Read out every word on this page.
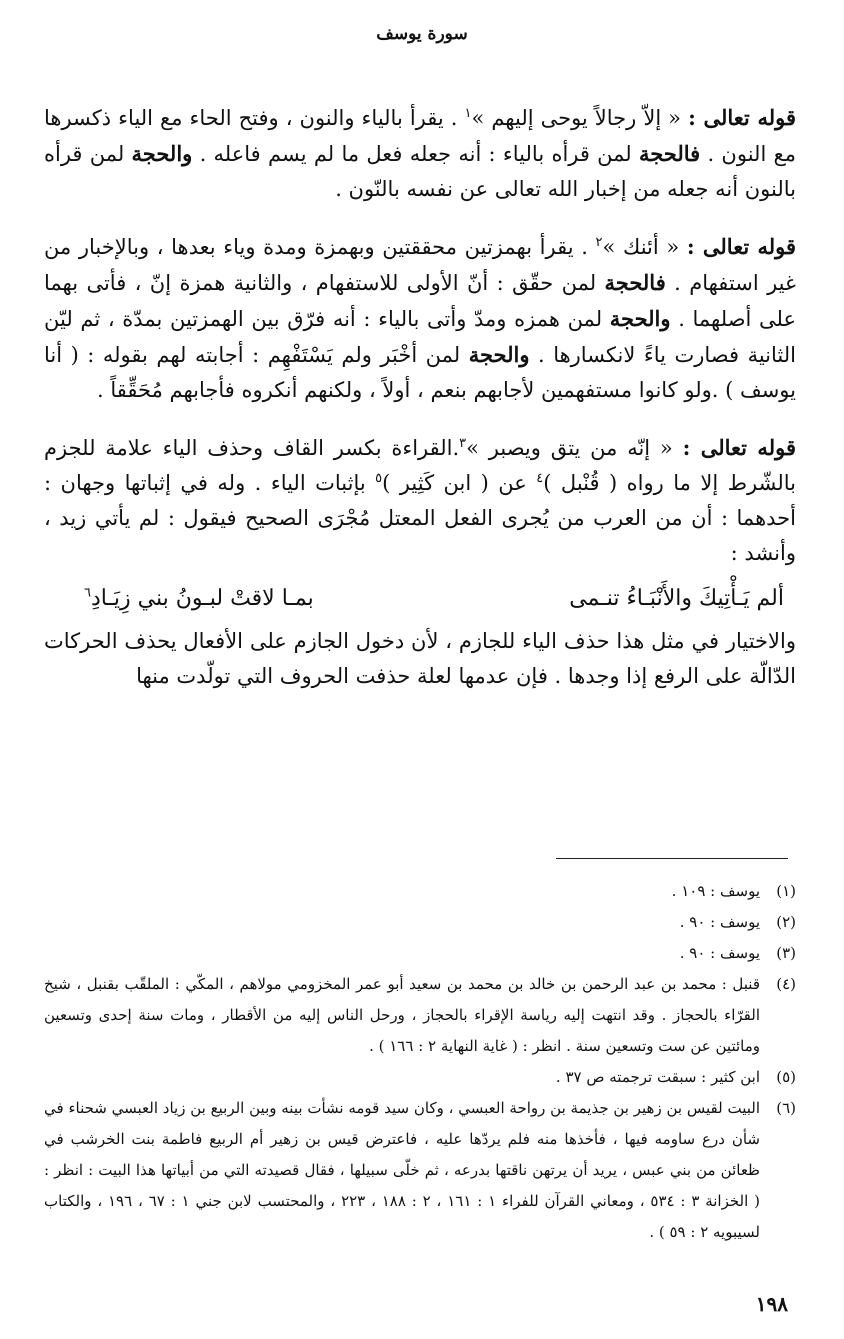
سورة يوسف

قوله تعالى : « إلاّ رجالاً يوحى إليهم »$^١$ . يقرأ بالياء والنون ، وفتح الحاء مع الياء ذكسرها مع النون . فالحجة لمن قرأه بالياء : أنه جعله فعل ما لم يسم فاعله . والحجة لمن قرأه بالنون أنه جعله من إخبار الله تعالى عن نفسه بالنّون .

قوله تعالى : « أئنك »$^٢$ . يقرأ بهمزتين محققتين وبهمزة ومدة وياء بعدها ، وبالإخبار من غير استفهام . فالحجة لمن حقّق : أنّ الأولى للاستفهام ، والثانية همزة إنّ ، فأتى بهما على أصلهما . والحجة لمن همزه ومدّ وأتى بالياء : أنه فرّق بين الهمزتين بمدّة ، ثم ليّن الثانية فصارت ياءً لانكسارها . والحجة لمن أخْبَر ولم يَسْتَفْهِم : أجابته لهم بقوله : ( أنا يوسف ) .ولو كانوا مستفهمين لأجابهم بنعم ، أولاً ، ولكنهم أنكروه فأجابهم مُحَقِّقاً .

قوله تعالى : « إنّه من يتق ويصبر »$^٣$.القراءة بكسر القاف وحذف الياء علامة للجزم بالشّرط إلا ما رواه ( قُنْبل )$^٤$ عن ( ابن كَثِير )$^٥$ بإثبات الياء . وله في إثباتها وجهان : أحدهما : أن من العرب من يُجرى الفعل المعتل مُجْرَى الصحيح فيقول : لم يأتي زيد ، وأنشد :

ألم يَـأْتِيكَ والأَنْبَـاءُ تنـمى
بمـا لاقتْ لبـونُ بني زِيَـادِ$^٦$

والاختيار في مثل هذا حذف الياء للجازم ، لأن دخول الجازم على الأفعال يحذف الحركات الدّالّة على الرفع إذا وجدها . فإن عدمها لعلة حذفت الحروف التي تولّدت منها

(١)
يوسف : ١٠٩ .
(٢)
يوسف : ٩٠ .
(٣)
يوسف : ٩٠ .
(٤)
قنبل : محمد بن عبد الرحمن بن خالد بن محمد بن سعيد أبو عمر المخزومي مولاهم ، المكّي : الملقّب بقنبل ، شيخ القرّاء بالحجاز . وقد انتهت إليه رياسة الإقراء بالحجاز ، ورحل الناس إليه من الأقطار ، ومات سنة إحدى وتسعين ومائتين عن ست وتسعين سنة . انظر : ( غاية النهاية ٢ : ١٦٦ ) .
(٥)
ابن كثير : سبقت ترجمته ص ٣٧ .
(٦)
البيت لقيس بن زهير بن جذيمة بن رواحة العبسي ، وكان سيد قومه نشأت بينه وبين الربيع بن زياد العبسي شحناء في شأن درع ساومه فيها ، فأخذها منه فلم يردّها عليه ، فاعترض قيس بن زهير أم الربيع فاطمة بنت الخرشب في ظعائن من بني عبس ، يريد أن يرتهن ناقتها بدرعه ، ثم خلّى سبيلها ، فقال قصيدته التي من أبياتها هذا البيت : انظر : ( الخزانة ٣ : ٥٣٤ ، ومعاني القرآن للفراء ١ : ١٦١ ، ٢ : ١٨٨ ، ٢٢٣ ، والمحتسب لابن جني ١ : ٦٧ ، ١٩٦ ، والكتاب لسيبويه ٢ : ٥٩ ) .
١٩٨
